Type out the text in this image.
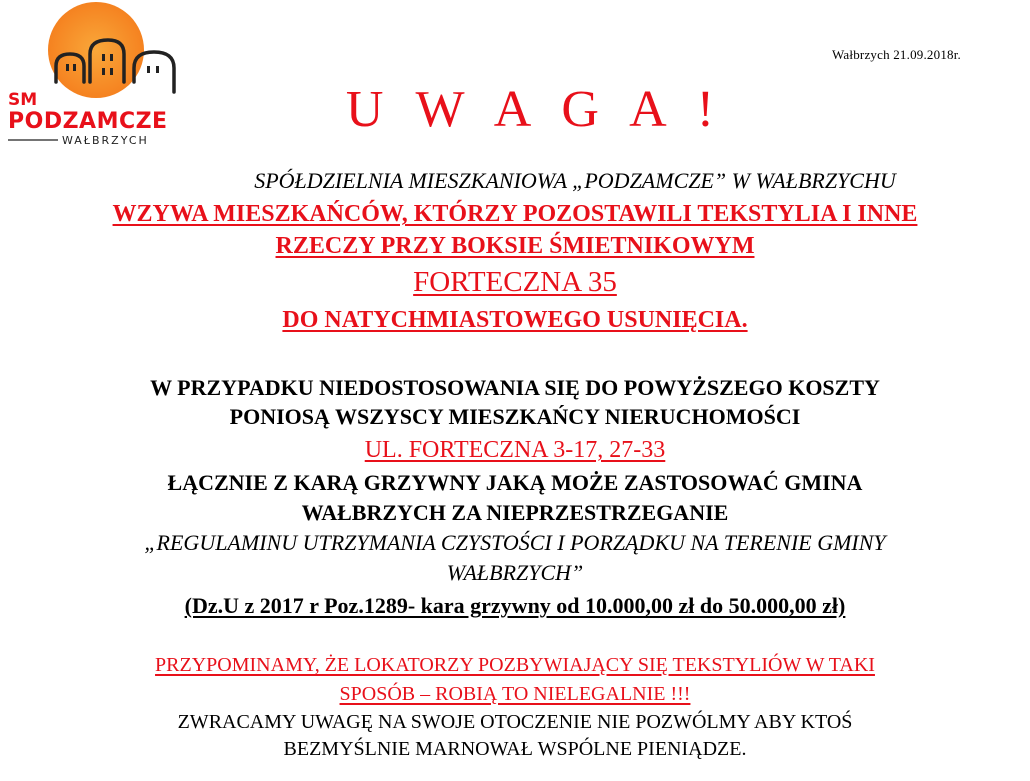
SM
PODZAMCZE
WAŁBRZYCH
Wałbrzych 21.09.2018r.
U W A G A !
SPÓŁDZIELNIA MIESZKANIOWA „PODZAMCZE” W WAŁBRZYCHU
WZYWA MIESZKAŃCÓW, KTÓRZY POZOSTAWILI TEKSTYLIA I INNE
RZECZY PRZY BOKSIE ŚMIETNIKOWYM
FORTECZNA 35
DO NATYCHMIASTOWEGO USUNIĘCIA.
W PRZYPADKU NIEDOSTOSOWANIA SIĘ DO POWYŻSZEGO KOSZTY
PONIOSĄ WSZYSCY MIESZKAŃCY NIERUCHOMOŚCI
UL. FORTECZNA 3-17, 27-33
ŁĄCZNIE Z KARĄ GRZYWNY JAKĄ MOŻE ZASTOSOWAĆ GMINA
WAŁBRZYCH ZA NIEPRZESTRZEGANIE
„REGULAMINU UTRZYMANIA CZYSTOŚCI I PORZĄDKU NA TERENIE GMINY
WAŁBRZYCH”
(Dz.U z 2017 r Poz.1289- kara grzywny od 10.000,00 zł do 50.000,00 zł)
PRZYPOMINAMY, ŻE LOKATORZY POZBYWIAJĄCY SIĘ TEKSTYLIÓW W TAKI
SPOSÓB – ROBIĄ TO NIELEGALNIE !!!
ZWRACAMY UWAGĘ NA SWOJE OTOCZENIE NIE POZWÓLMY ABY KTOŚ
BEZMYŚLNIE MARNOWAŁ WSPÓLNE PIENIĄDZE.
